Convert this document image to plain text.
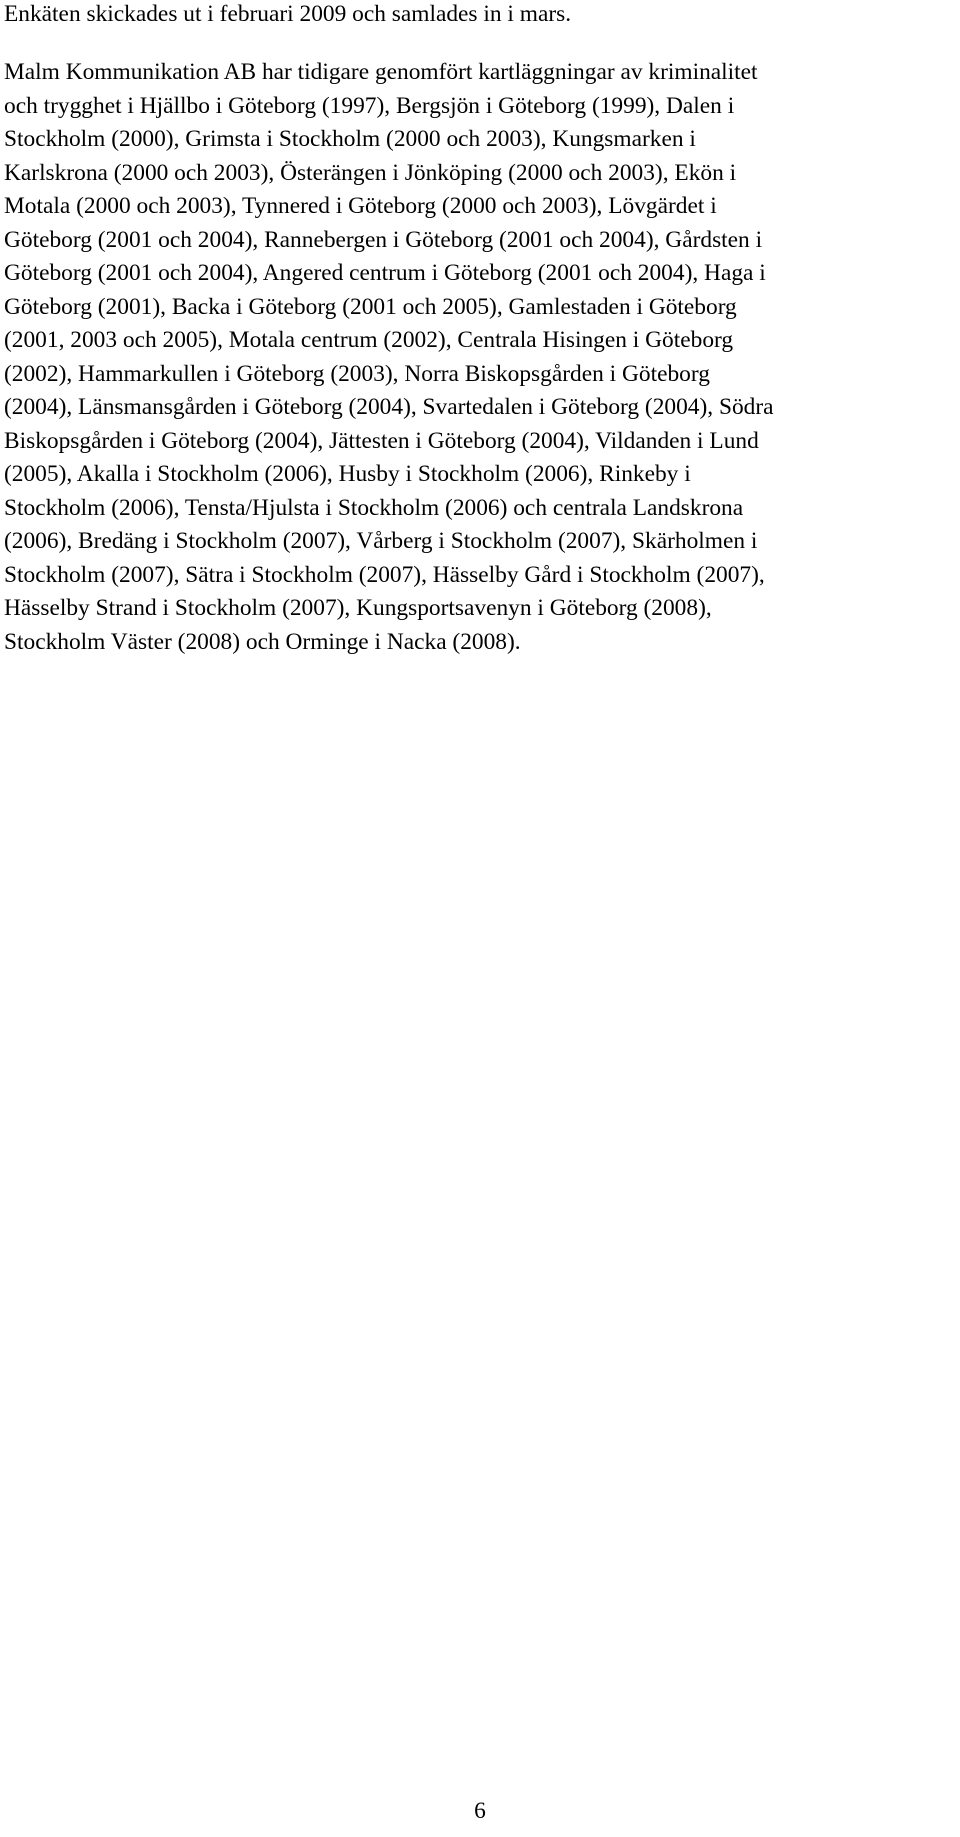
Enkäten skickades ut i februari 2009 och samlades in i mars.

Malm Kommunikation AB har tidigare genomfört kartläggningar av kriminalitet
och trygghet i Hjällbo i Göteborg (1997), Bergsjön i Göteborg (1999), Dalen i
Stockholm (2000), Grimsta i Stockholm (2000 och 2003), Kungsmarken i
Karlskrona (2000 och 2003), Österängen i Jönköping (2000 och 2003), Ekön i
Motala (2000 och 2003), Tynnered i Göteborg (2000 och 2003), Lövgärdet i
Göteborg (2001 och 2004), Rannebergen i Göteborg (2001 och 2004), Gårdsten i
Göteborg (2001 och 2004), Angered centrum i Göteborg (2001 och 2004), Haga i
Göteborg (2001), Backa i Göteborg (2001 och 2005), Gamlestaden i Göteborg
(2001, 2003 och 2005), Motala centrum (2002), Centrala Hisingen i Göteborg
(2002), Hammarkullen i Göteborg (2003), Norra Biskopsgården i Göteborg
(2004), Länsmansgården i Göteborg (2004), Svartedalen i Göteborg (2004), Södra
Biskopsgården i Göteborg (2004), Jättesten i Göteborg (2004), Vildanden i Lund
(2005), Akalla i Stockholm (2006), Husby i Stockholm (2006), Rinkeby i
Stockholm (2006), Tensta/Hjulsta i Stockholm (2006) och centrala Landskrona
(2006), Bredäng i Stockholm (2007), Vårberg i Stockholm (2007), Skärholmen i
Stockholm (2007), Sätra i Stockholm (2007), Hässelby Gård i Stockholm (2007),
Hässelby Strand i Stockholm (2007), Kungsportsavenyn i Göteborg (2008),
Stockholm Väster (2008) och Orminge i Nacka (2008).

6
